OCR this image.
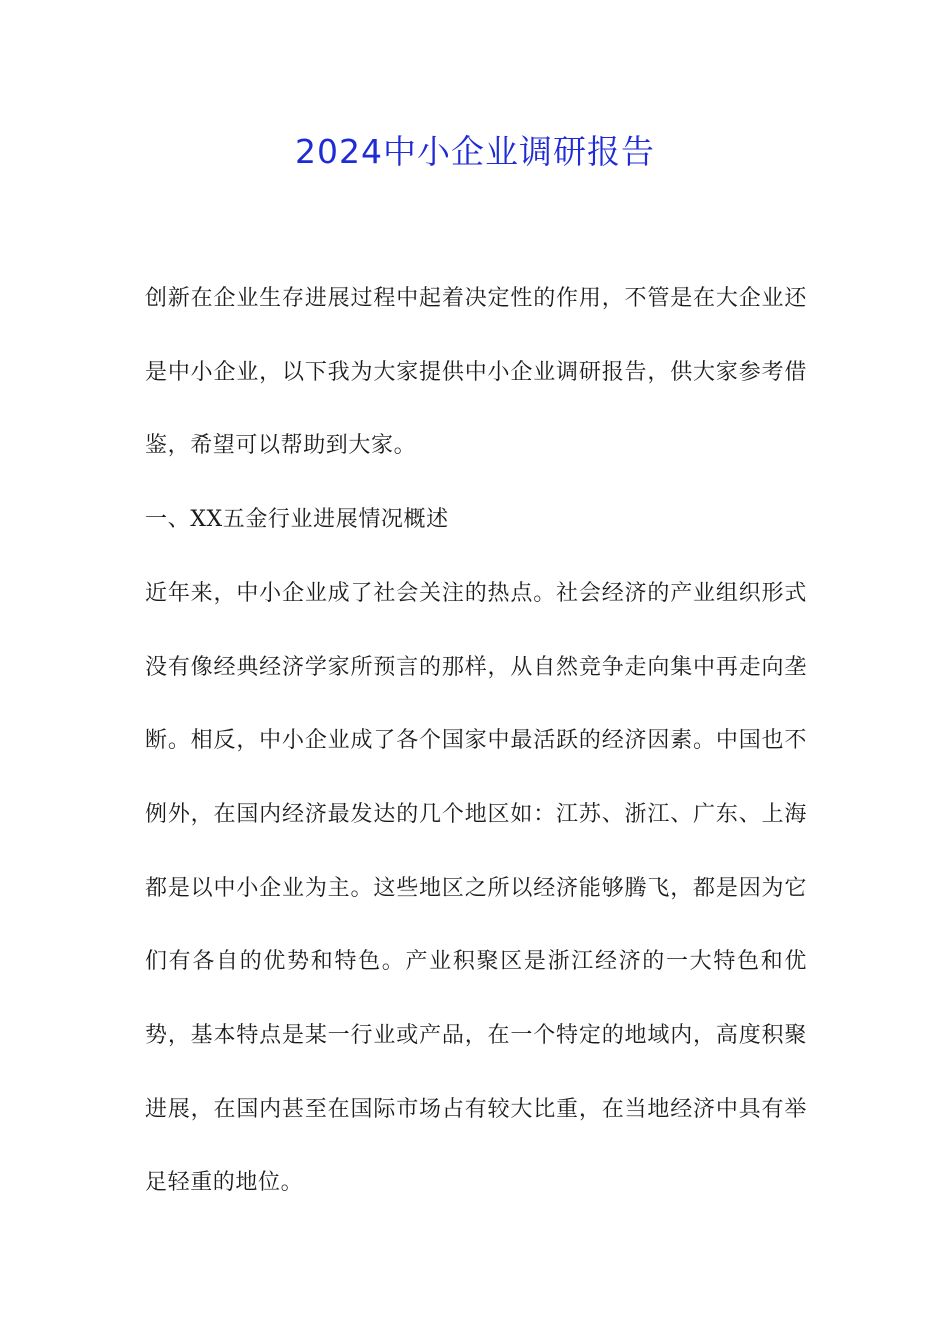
2024中小企业调研报告

创新在企业生存进展过程中起着决定性的作用，不管是在大企业还是中小企业，以下我为大家提供中小企业调研报告，供大家参考借鉴，希望可以帮助到大家。

一、XX五金行业进展情况概述

近年来，中小企业成了社会关注的热点。社会经济的产业组织形式没有像经典经济学家所预言的那样，从自然竞争走向集中再走向垄断。相反，中小企业成了各个国家中最活跃的经济因素。中国也不例外，在国内经济最发达的几个地区如：江苏、浙江、广东、上海都是以中小企业为主。这些地区之所以经济能够腾飞，都是因为它们有各自的优势和特色。产业积聚区是浙江经济的一大特色和优势，基本特点是某一行业或产品，在一个特定的地域内，高度积聚进展，在国内甚至在国际市场占有较大比重，在当地经济中具有举足轻重的地位。
